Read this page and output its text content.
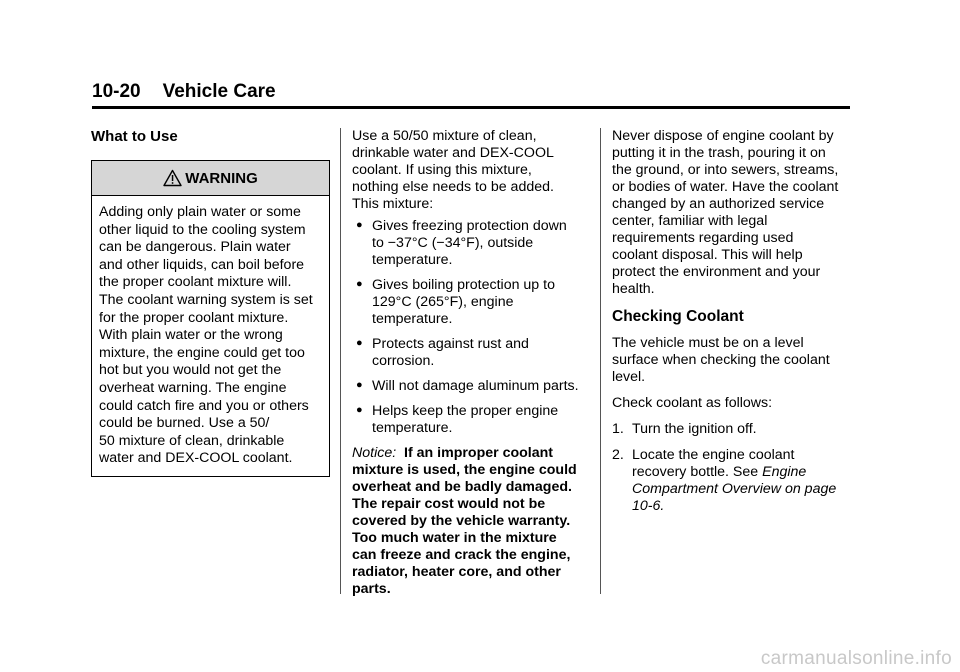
10-20 Vehicle Care
What to Use
WARNING
Adding only plain water or some
other liquid to the cooling system
can be dangerous. Plain water
and other liquids, can boil before
the proper coolant mixture will.
The coolant warning system is set
for the proper coolant mixture.
With plain water or the wrong
mixture, the engine could get too
hot but you would not get the
overheat warning. The engine
could catch fire and you or others
could be burned. Use a 50/
50 mixture of clean, drinkable
water and DEX-COOL coolant.

Use a 50/50 mixture of clean,
drinkable water and DEX-COOL
coolant. If using this mixture,
nothing else needs to be added.
This mixture:

● Gives freezing protection down
to −37°C (−34°F), outside
temperature.
● Gives boiling protection up to
129°C (265°F), engine
temperature.
● Protects against rust and
corrosion.
● Will not damage aluminum parts.
● Helps keep the proper engine
temperature.

Notice: If an improper coolant
mixture is used, the engine could
overheat and be badly damaged.
The repair cost would not be
covered by the vehicle warranty.
Too much water in the mixture
can freeze and crack the engine,
radiator, heater core, and other
parts.

Never dispose of engine coolant by
putting it in the trash, pouring it on
the ground, or into sewers, streams,
or bodies of water. Have the coolant
changed by an authorized service
center, familiar with legal
requirements regarding used
coolant disposal. This will help
protect the environment and your
health.

Checking Coolant

The vehicle must be on a level
surface when checking the coolant
level.

Check coolant as follows:

1. Turn the ignition off.
2. Locate the engine coolant recovery bottle. See Engine Compartment Overview on page 10-6.
carmanualsonline.info
